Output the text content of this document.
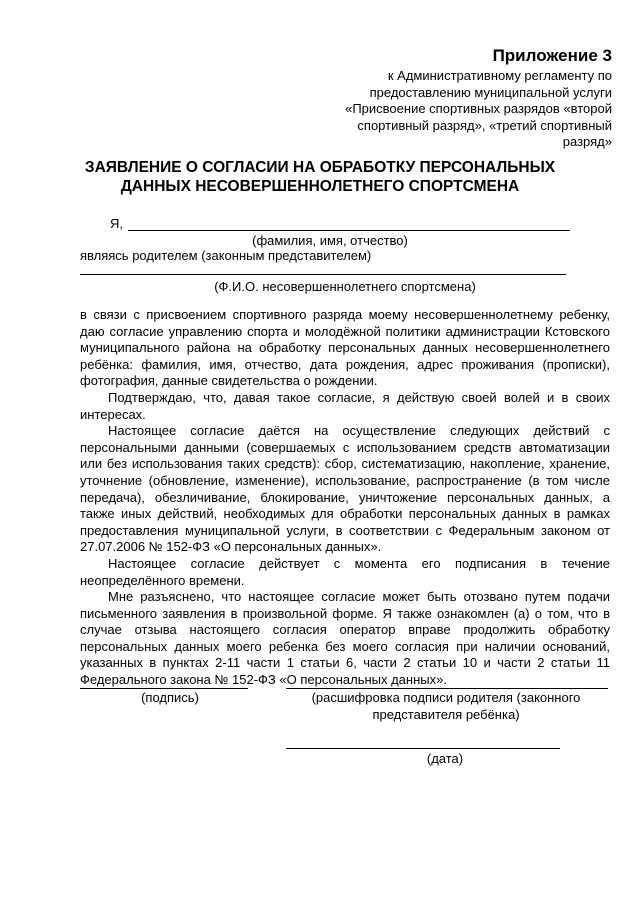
Приложение 3
к Административному регламенту по предоставлению муниципальной услуги «Присвоение спортивных разрядов «второй спортивный разряд», «третий спортивный разряд»
ЗАЯВЛЕНИЕ О СОГЛАСИИ НА ОБРАБОТКУ ПЕРСОНАЛЬНЫХ ДАННЫХ НЕСОВЕРШЕННОЛЕТНЕГО СПОРТСМЕНА
Я,
(фамилия, имя, отчество)
являясь родителем (законным представителем)
(Ф.И.О. несовершеннолетнего спортсмена)

в связи с присвоением спортивного разряда моему несовершеннолетнему ребенку, даю согласие управлению спорта и молодёжной политики администрации Кстовского муниципального района на обработку персональных данных несовершеннолетнего ребёнка: фамилия, имя, отчество, дата рождения, адрес проживания (прописки), фотография, данные свидетельства о рождении.

Подтверждаю, что, давая такое согласие, я действую своей волей и в своих интересах.

Настоящее согласие даётся на осуществление следующих действий с персональными данными (совершаемых с использованием средств автоматизации или без использования таких средств): сбор, систематизацию, накопление, хранение, уточнение (обновление, изменение), использование, распространение (в том числе передача), обезличивание, блокирование, уничтожение персональных данных, а также иных действий, необходимых для обработки персональных данных в рамках предоставления муниципальной услуги, в соответствии с Федеральным законом от 27.07.2006 № 152-ФЗ «О персональных данных».

Настоящее согласие действует с момента его подписания в течение неопределённого времени.

Мне разъяснено, что настоящее согласие может быть отозвано путем подачи письменного заявления в произвольной форме. Я также ознакомлен (а) о том, что в случае отзыва настоящего согласия оператор вправе продолжить обработку персональных данных моего ребенка без моего согласия при наличии оснований, указанных в пунктах 2-11 части 1 статьи 6, части 2 статьи 10 и части 2 статьи 11 Федерального закона № 152-ФЗ «О персональных данных».

(подпись)	(расшифровка подписи родителя (законного представителя ребёнка)
(дата)
